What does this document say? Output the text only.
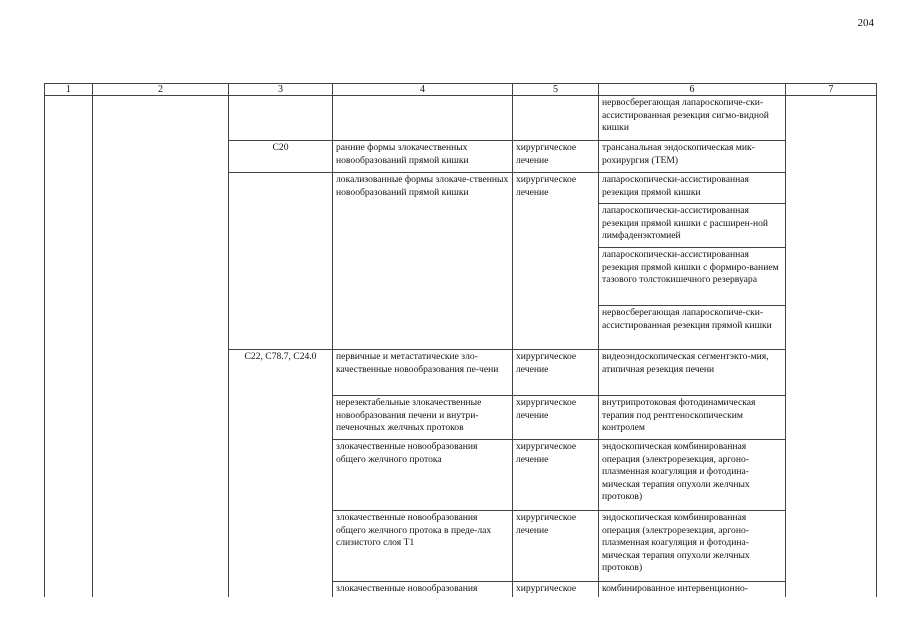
204
1	2	3	4	5	6	7
					нервосберегающая лапароскопиче-ски-ассистированная резекция сигмо-видной кишки	
		C20	ранние формы злокачественных новообразований прямой кишки	хирургическое лечение	трансанальная эндоскопическая мик-рохирургия (ТЕМ)	
			локализованные формы злокаче-ственных новообразований прямой кишки	хирургическое лечение	лапароскопически-ассистированная резекция прямой кишки	
					лапароскопически-ассистированная резекция прямой кишки с расширен-ной лимфаденэктомией	
					лапароскопически-ассистированная резекция прямой кишки с формиро-ванием тазового толстокишечного резервуара	
					нервосберегающая лапароскопиче-ски-ассистированная резекция прямой кишки	
		C22, C78.7, C24.0	первичные и метастатические зло-качественные новообразования пе-чени	хирургическое лечение	видеоэндоскопическая сегментэкто-мия, атипичная резекция печени	
			нерезектабельные злокачественные новообразования печени и внутри-печеночных желчных протоков	хирургическое лечение	внутрипротоковая фотодинамическая терапия под рентгеноскопическим контролем	
			злокачественные новообразования общего желчного протока	хирургическое лечение	эндоскопическая комбинированная операция (электрорезекция, аргоно-плазменная коагуляция и фотодина-мическая терапия опухоли желчных протоков)	
			злокачественные новообразования общего желчного протока в преде-лах слизистого слоя T1	хирургическое лечение	эндоскопическая комбинированная операция (электрорезекция, аргоно-плазменная коагуляция и фотодина-мическая терапия опухоли желчных протоков)	
			злокачественные новообразования	хирургическое	комбинированное интервенционно-	
